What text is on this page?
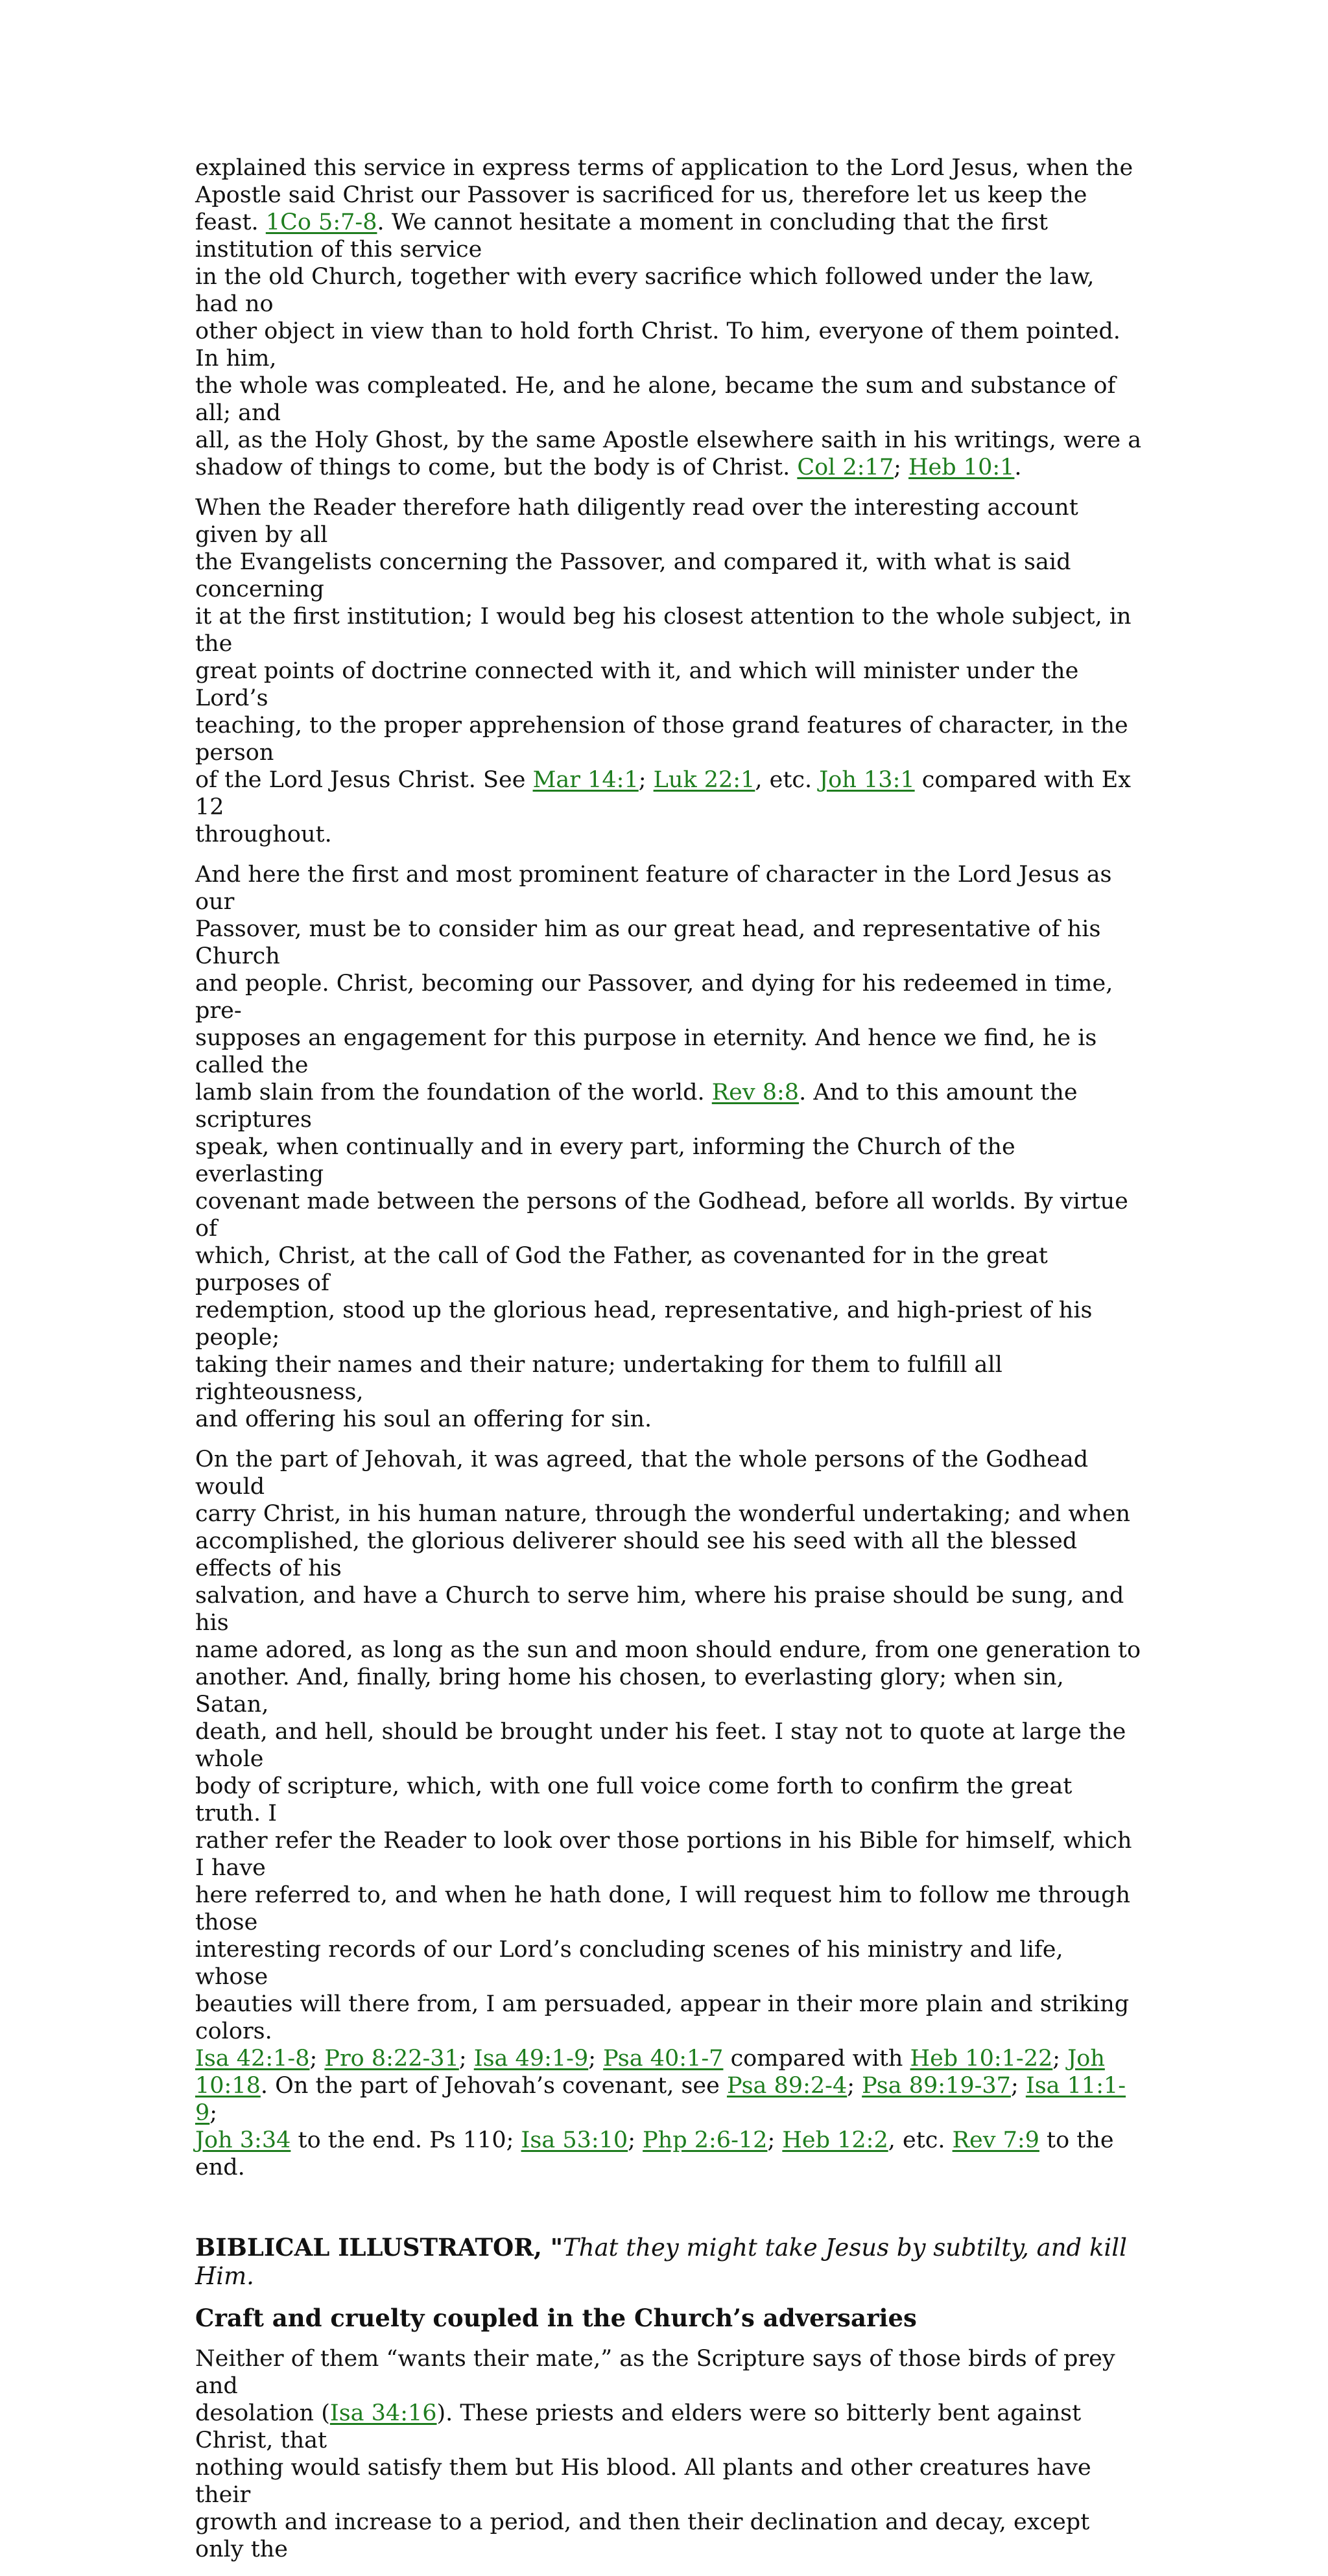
explained this service in express terms of application to the Lord Jesus, when the
Apostle said Christ our Passover is sacrificed for us, therefore let us keep the feast. 1Co 5:7-8. We cannot hesitate a moment in concluding that the first institution of this service
in the old Church, together with every sacrifice which followed under the law, had no
other object in view than to hold forth Christ. To him, everyone of them pointed. In him,
the whole was compleated. He, and he alone, became the sum and substance of all; and
all, as the Holy Ghost, by the same Apostle elsewhere saith in his writings, were a
shadow of things to come, but the body is of Christ. Col 2:17; Heb 10:1.

When the Reader therefore hath diligently read over the interesting account given by all
the Evangelists concerning the Passover, and compared it, with what is said concerning
it at the first institution; I would beg his closest attention to the whole subject, in the
great points of doctrine connected with it, and which will minister under the Lord’s
teaching, to the proper apprehension of those grand features of character, in the person
of the Lord Jesus Christ. See Mar 14:1; Luk 22:1, etc. Joh 13:1 compared with Ex 12
throughout.

And here the first and most prominent feature of character in the Lord Jesus as our
Passover, must be to consider him as our great head, and representative of his Church
and people. Christ, becoming our Passover, and dying for his redeemed in time, pre-
supposes an engagement for this purpose in eternity. And hence we find, he is called the
lamb slain from the foundation of the world. Rev 8:8. And to this amount the scriptures
speak, when continually and in every part, informing the Church of the everlasting
covenant made between the persons of the Godhead, before all worlds. By virtue of
which, Christ, at the call of God the Father, as covenanted for in the great purposes of
redemption, stood up the glorious head, representative, and high-priest of his people;
taking their names and their nature; undertaking for them to fulfill all righteousness,
and offering his soul an offering for sin.

On the part of Jehovah, it was agreed, that the whole persons of the Godhead would
carry Christ, in his human nature, through the wonderful undertaking; and when
accomplished, the glorious deliverer should see his seed with all the blessed effects of his
salvation, and have a Church to serve him, where his praise should be sung, and his
name adored, as long as the sun and moon should endure, from one generation to
another. And, finally, bring home his chosen, to everlasting glory; when sin, Satan,
death, and hell, should be brought under his feet. I stay not to quote at large the whole
body of scripture, which, with one full voice come forth to confirm the great truth. I
rather refer the Reader to look over those portions in his Bible for himself, which I have
here referred to, and when he hath done, I will request him to follow me through those
interesting records of our Lord’s concluding scenes of his ministry and life, whose
beauties will there from, I am persuaded, appear in their more plain and striking colors.
Isa 42:1-8; Pro 8:22-31; Isa 49:1-9; Psa 40:1-7 compared with Heb 10:1-22; Joh 10:18. On the part of Jehovah’s covenant, see Psa 89:2-4; Psa 89:19-37; Isa 11:1-9;
Joh 3:34 to the end. Ps 110; Isa 53:10; Php 2:6-12; Heb 12:2, etc. Rev 7:9 to the end.

BIBLICAL ILLUSTRATOR, "That they might take Jesus by subtilty, and kill Him.

Craft and cruelty coupled in the Church’s adversaries

Neither of them “wants their mate,” as the Scripture says of those birds of prey and
desolation (Isa 34:16). These priests and elders were so bitterly bent against Christ, that
nothing would satisfy them but His blood. All plants and other creatures have their
growth and increase to a period, and then their declination and decay, except only the
